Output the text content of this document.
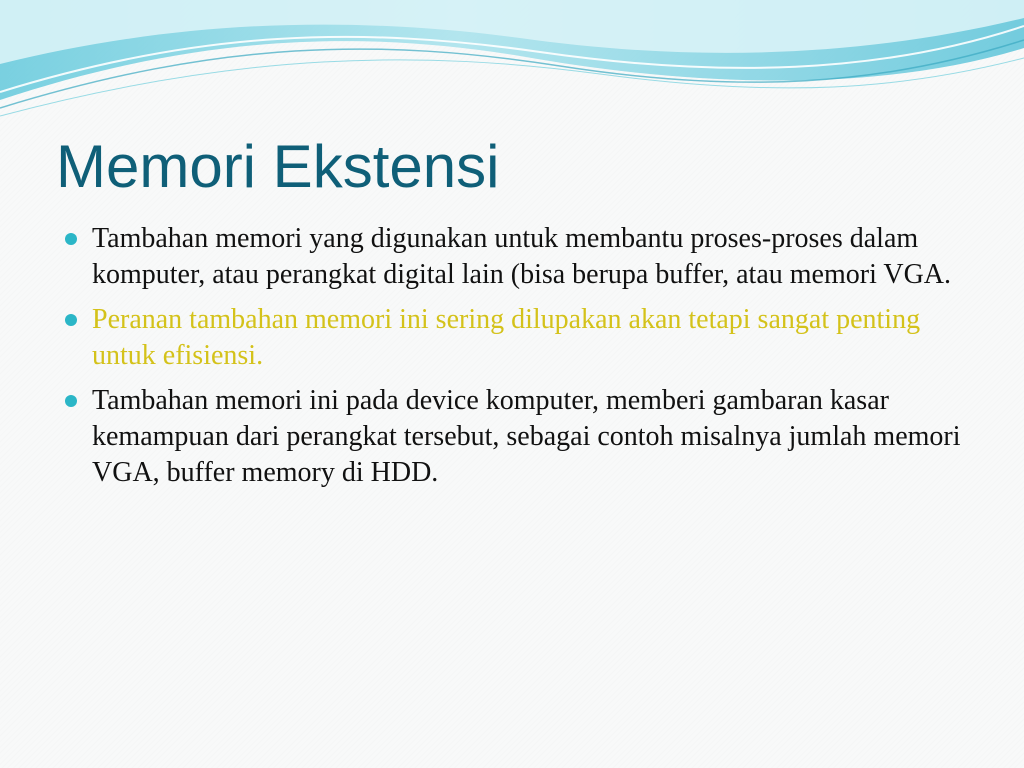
Memori Ekstensi
Tambahan memori yang digunakan untuk membantu proses-proses dalam komputer, atau perangkat digital lain (bisa berupa buffer, atau memori VGA.
Peranan tambahan memori ini sering dilupakan akan tetapi sangat penting untuk efisiensi.
Tambahan memori ini pada device komputer, memberi gambaran kasar kemampuan dari perangkat tersebut, sebagai contoh misalnya jumlah memori VGA, buffer memory di HDD.
